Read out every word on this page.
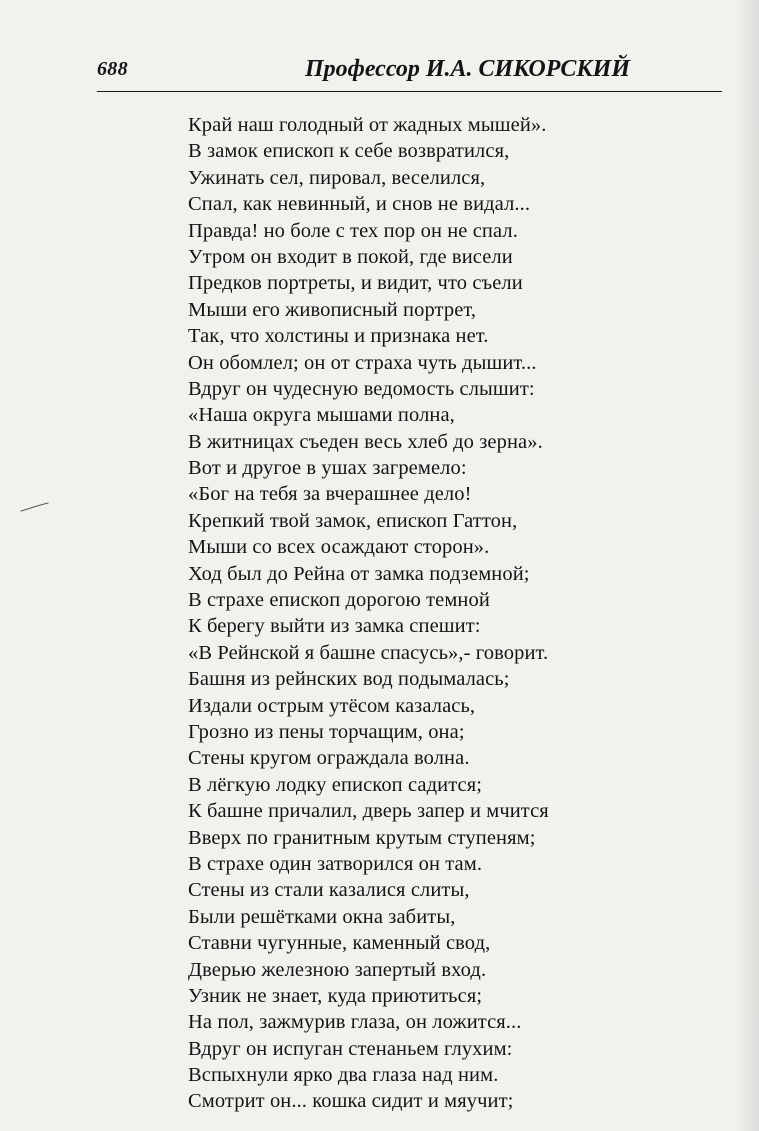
688	Профессор И.А. СИКОРСКИЙ
Край наш голодный от жадных мышей».
В замок епископ к себе возвратился,
Ужинать сел, пировал, веселился,
Спал, как невинный, и снов не видал...
Правда! но боле с тех пор он не спал.
Утром он входит в покой, где висели
Предков портреты, и видит, что съели
Мыши его живописный портрет,
Так, что холстины и признака нет.
Он обомлел; он от страха чуть дышит...
Вдруг он чудесную ведомость слышит:
«Наша округа мышами полна,
В житницах съеден весь хлеб до зерна».
Вот и другое в ушах загремело:
«Бог на тебя за вчерашнее дело!
Крепкий твой замок, епископ Гаттон,
Мыши со всех осаждают сторон».
Ход был до Рейна от замка подземной;
В страхе епископ дорогою темной
К берегу выйти из замка спешит:
«В Рейнской я башне спасусь»,- говорит.
Башня из рейнских вод подымалась;
Издали острым утёсом казалась,
Грозно из пены торчащим, она;
Стены кругом ограждала волна.
В лёгкую лодку епископ садится;
К башне причалил, дверь запер и мчится
Вверх по гранитным крутым ступеням;
В страхе один затворился он там.
Стены из стали казалися слиты,
Были решётками окна забиты,
Ставни чугунные, каменный свод,
Дверью железною запертый вход.
Узник не знает, куда приютиться;
На пол, зажмурив глаза, он ложится...
Вдруг он испуган стенаньем глухим:
Вспыхнули ярко два глаза над ним.
Смотрит он... кошка сидит и мяучит;
